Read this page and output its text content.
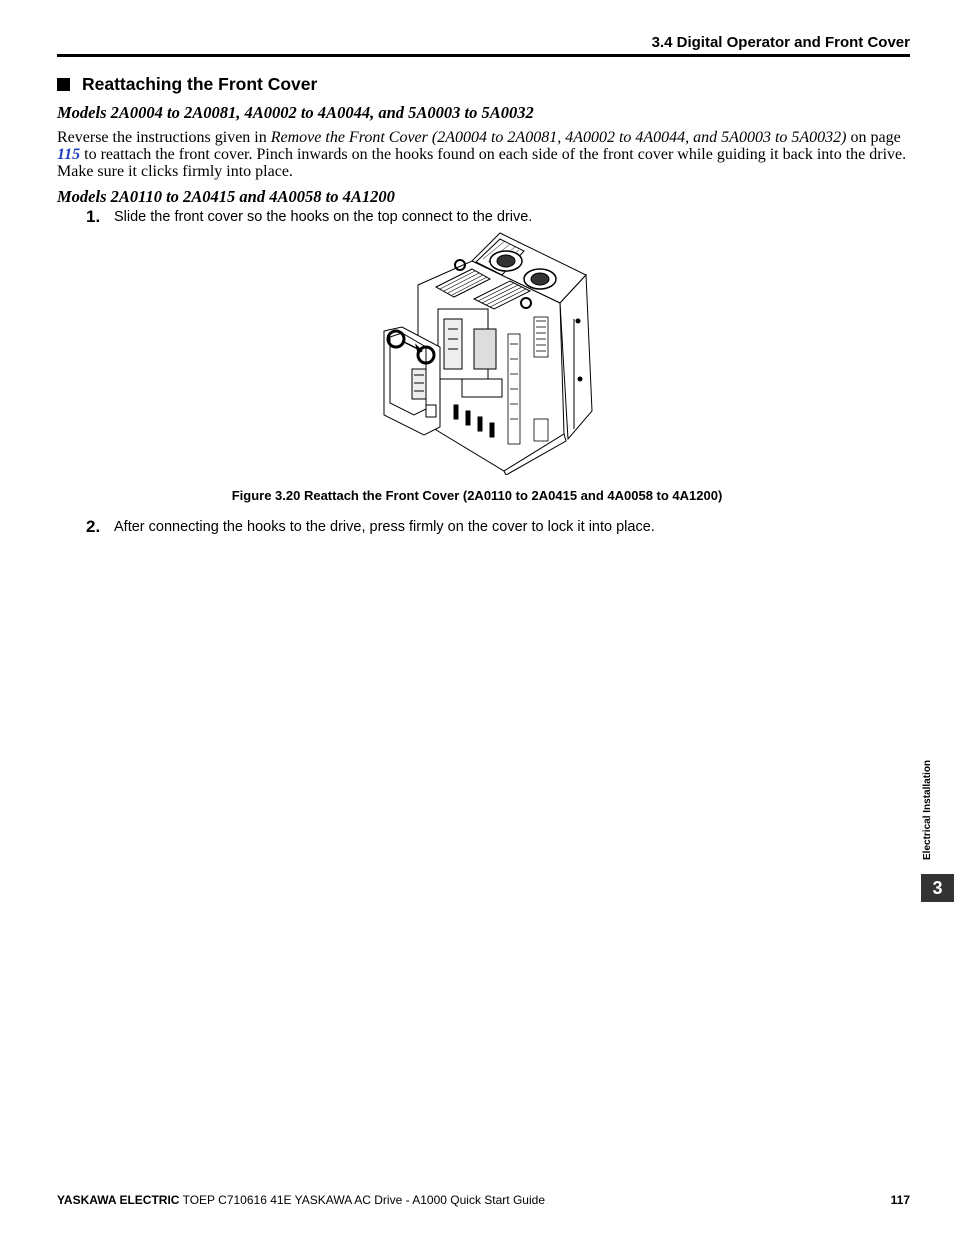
3.4 Digital Operator and Front Cover
Reattaching the Front Cover
Models 2A0004 to 2A0081, 4A0002 to 4A0044, and 5A0003 to 5A0032
Reverse the instructions given in Remove the Front Cover (2A0004 to 2A0081, 4A0002 to 4A0044, and 5A0003 to 5A0032) on page 115 to reattach the front cover. Pinch inwards on the hooks found on each side of the front cover while guiding it back into the drive. Make sure it clicks firmly into place.
Models 2A0110 to 2A0415 and 4A0058 to 4A1200
1. Slide the front cover so the hooks on the top connect to the drive.
Figure 3.20 Reattach the Front Cover (2A0110 to 2A0415 and 4A0058 to 4A1200)
2. After connecting the hooks to the drive, press firmly on the cover to lock it into place.
Electrical Installation
3
YASKAWA ELECTRIC TOEP C710616 41E YASKAWA AC Drive - A1000 Quick Start Guide	117
